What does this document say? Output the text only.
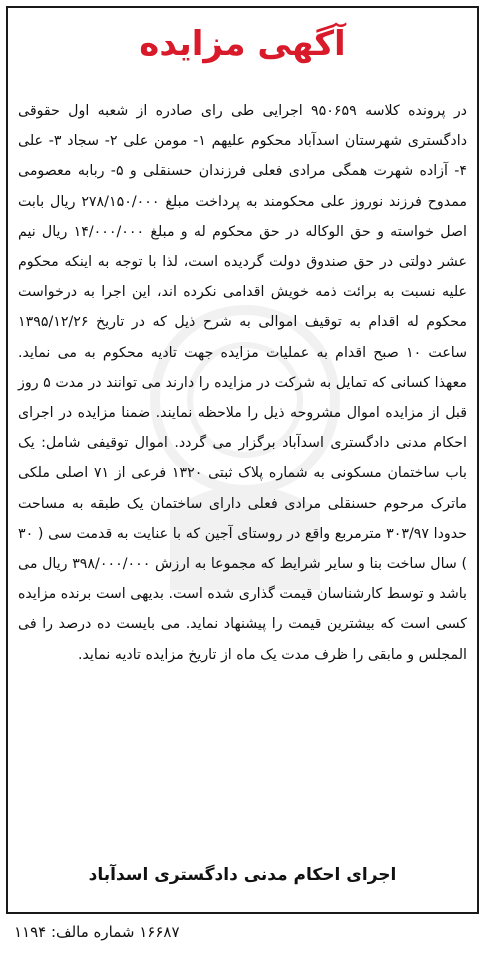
آگهی مزایده
در پرونده کلاسه ۹۵۰۶۵۹ اجرایی طی رای صادره از شعبه اول حقوقی دادگستری شهرستان اسدآباد محکوم علیهم ۱- مومن علی ۲- سجاد ۳- علی ۴- آزاده شهرت همگی مرادی فعلی فرزندان حسنقلی و ۵- ربابه معصومی ممدوح فرزند نوروز علی محکومند به پرداخت مبلغ ۲۷۸/۱۵۰/۰۰۰ ریال بابت اصل خواسته و حق الوکاله در حق محکوم له و مبلغ ۱۴/۰۰۰/۰۰۰ ریال نیم عشر دولتی در حق صندوق دولت گردیده است، لذا با توجه به اینکه محکوم علیه نسبت به برائت ذمه خویش اقدامی نکرده اند، این اجرا به درخواست محکوم له اقدام به توقیف اموالی به شرح ذیل که در تاریخ ۱۳۹۵/۱۲/۲۶ ساعت ۱۰ صبح اقدام به عملیات مزایده جهت تادیه محکوم به می نماید. معهذا کسانی که تمایل به شرکت در مزایده را دارند می توانند در مدت ۵ روز قبل از مزایده اموال مشروحه ذیل را ملاحظه نمایند. ضمنا مزایده در اجرای احکام مدنی دادگستری اسدآباد برگزار می گردد. اموال توقیفی شامل: یک باب ساختمان مسکونی به شماره پلاک ثبتی ۱۳۲۰ فرعی از ۷۱ اصلی ملکی ماترک مرحوم حسنقلی مرادی فعلی دارای ساختمان یک طبقه به مساحت حدودا ۳۰۳/۹۷ مترمربع واقع در روستای آجین که با عنایت به قدمت سی ( ۳۰ ) سال ساخت بنا و سایر شرایط که مجموعا به ارزش ۳۹۸/۰۰۰/۰۰۰ ریال می باشد و توسط کارشناسان قیمت گذاری شده است. بدیهی است برنده مزایده کسی است که بیشترین قیمت را پیشنهاد نماید. می بایست ده درصد را فی المجلس و مابقی را ظرف مدت یک ماه از تاریخ مزایده تادیه نماید.
اجرای احکام مدنی دادگستری اسدآباد
۱۶۶۸۷ شماره مالف: ۱۱۹۴
